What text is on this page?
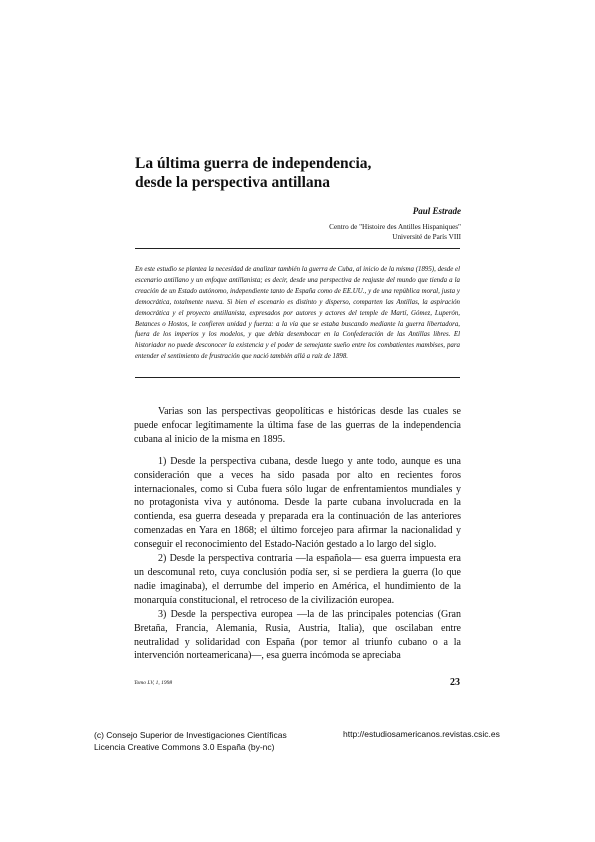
La última guerra de independencia,
desde la perspectiva antillana
Paul Estrade
Centro de "Histoire des Antilles Hispaniques"
Université de París VIII
En este estudio se plantea la necesidad de analizar también la guerra de Cuba, al inicio de la misma (1895), desde el escenario antillano y un enfoque antillanista; es decir, desde una perspectiva de reajuste del mundo que tienda a la creación de un Estado autónomo, independiente tanto de España como de EE.UU., y de una república moral, justa y democrática, totalmente nueva. Si bien el escenario es distinto y disperso, comparten las Antillas, la aspiración democrática y el proyecto antillanista, expresados por autores y actores del temple de Martí, Gómez, Luperón, Betances o Hostos, le confieren unidad y fuerza: a la vía que se estaba buscando mediante la guerra libertadora, fuera de los imperios y los modelos, y que debía desembocar en la Confederación de las Antillas libres. El historiador no puede desconocer la existencia y el poder de semejante sueño entre los combatientes mambises, para entender el sentimiento de frustración que nació también allá a raíz de 1898.

Varias son las perspectivas geopolíticas e históricas desde las cuales se puede enfocar legítimamente la última fase de las guerras de la independencia cubana al inicio de la misma en 1895.

1) Desde la perspectiva cubana, desde luego y ante todo, aunque es una consideración que a veces ha sido pasada por alto en recientes foros internacionales, como si Cuba fuera sólo lugar de enfrentamientos mundiales y no protagonista viva y autónoma. Desde la parte cubana involucrada en la contienda, esa guerra deseada y preparada era la continuación de las anteriores comenzadas en Yara en 1868; el último forcejeo para afirmar la nacionalidad y conseguir el reconocimiento del Estado-Nación gestado a lo largo del siglo.

2) Desde la perspectiva contraria —la española— esa guerra impuesta era un descomunal reto, cuya conclusión podía ser, si se perdiera la guerra (lo que nadie imaginaba), el derrumbe del imperio en América, el hundimiento de la monarquía constitucional, el retroceso de la civilización europea.

3) Desde la perspectiva europea —la de las principales potencias (Gran Bretaña, Francia, Alemania, Rusia, Austria, Italia), que oscilaban entre neutralidad y solidaridad con España (por temor al triunfo cubano o a la intervención norteamericana)—, esa guerra incómoda se apreciaba

Tomo LV, 1, 1998	23
(c) Consejo Superior de Investigaciones Científicas
Licencia Creative Commons 3.0 España (by-nc)
http://estudiosamericanos.revistas.csic.es
